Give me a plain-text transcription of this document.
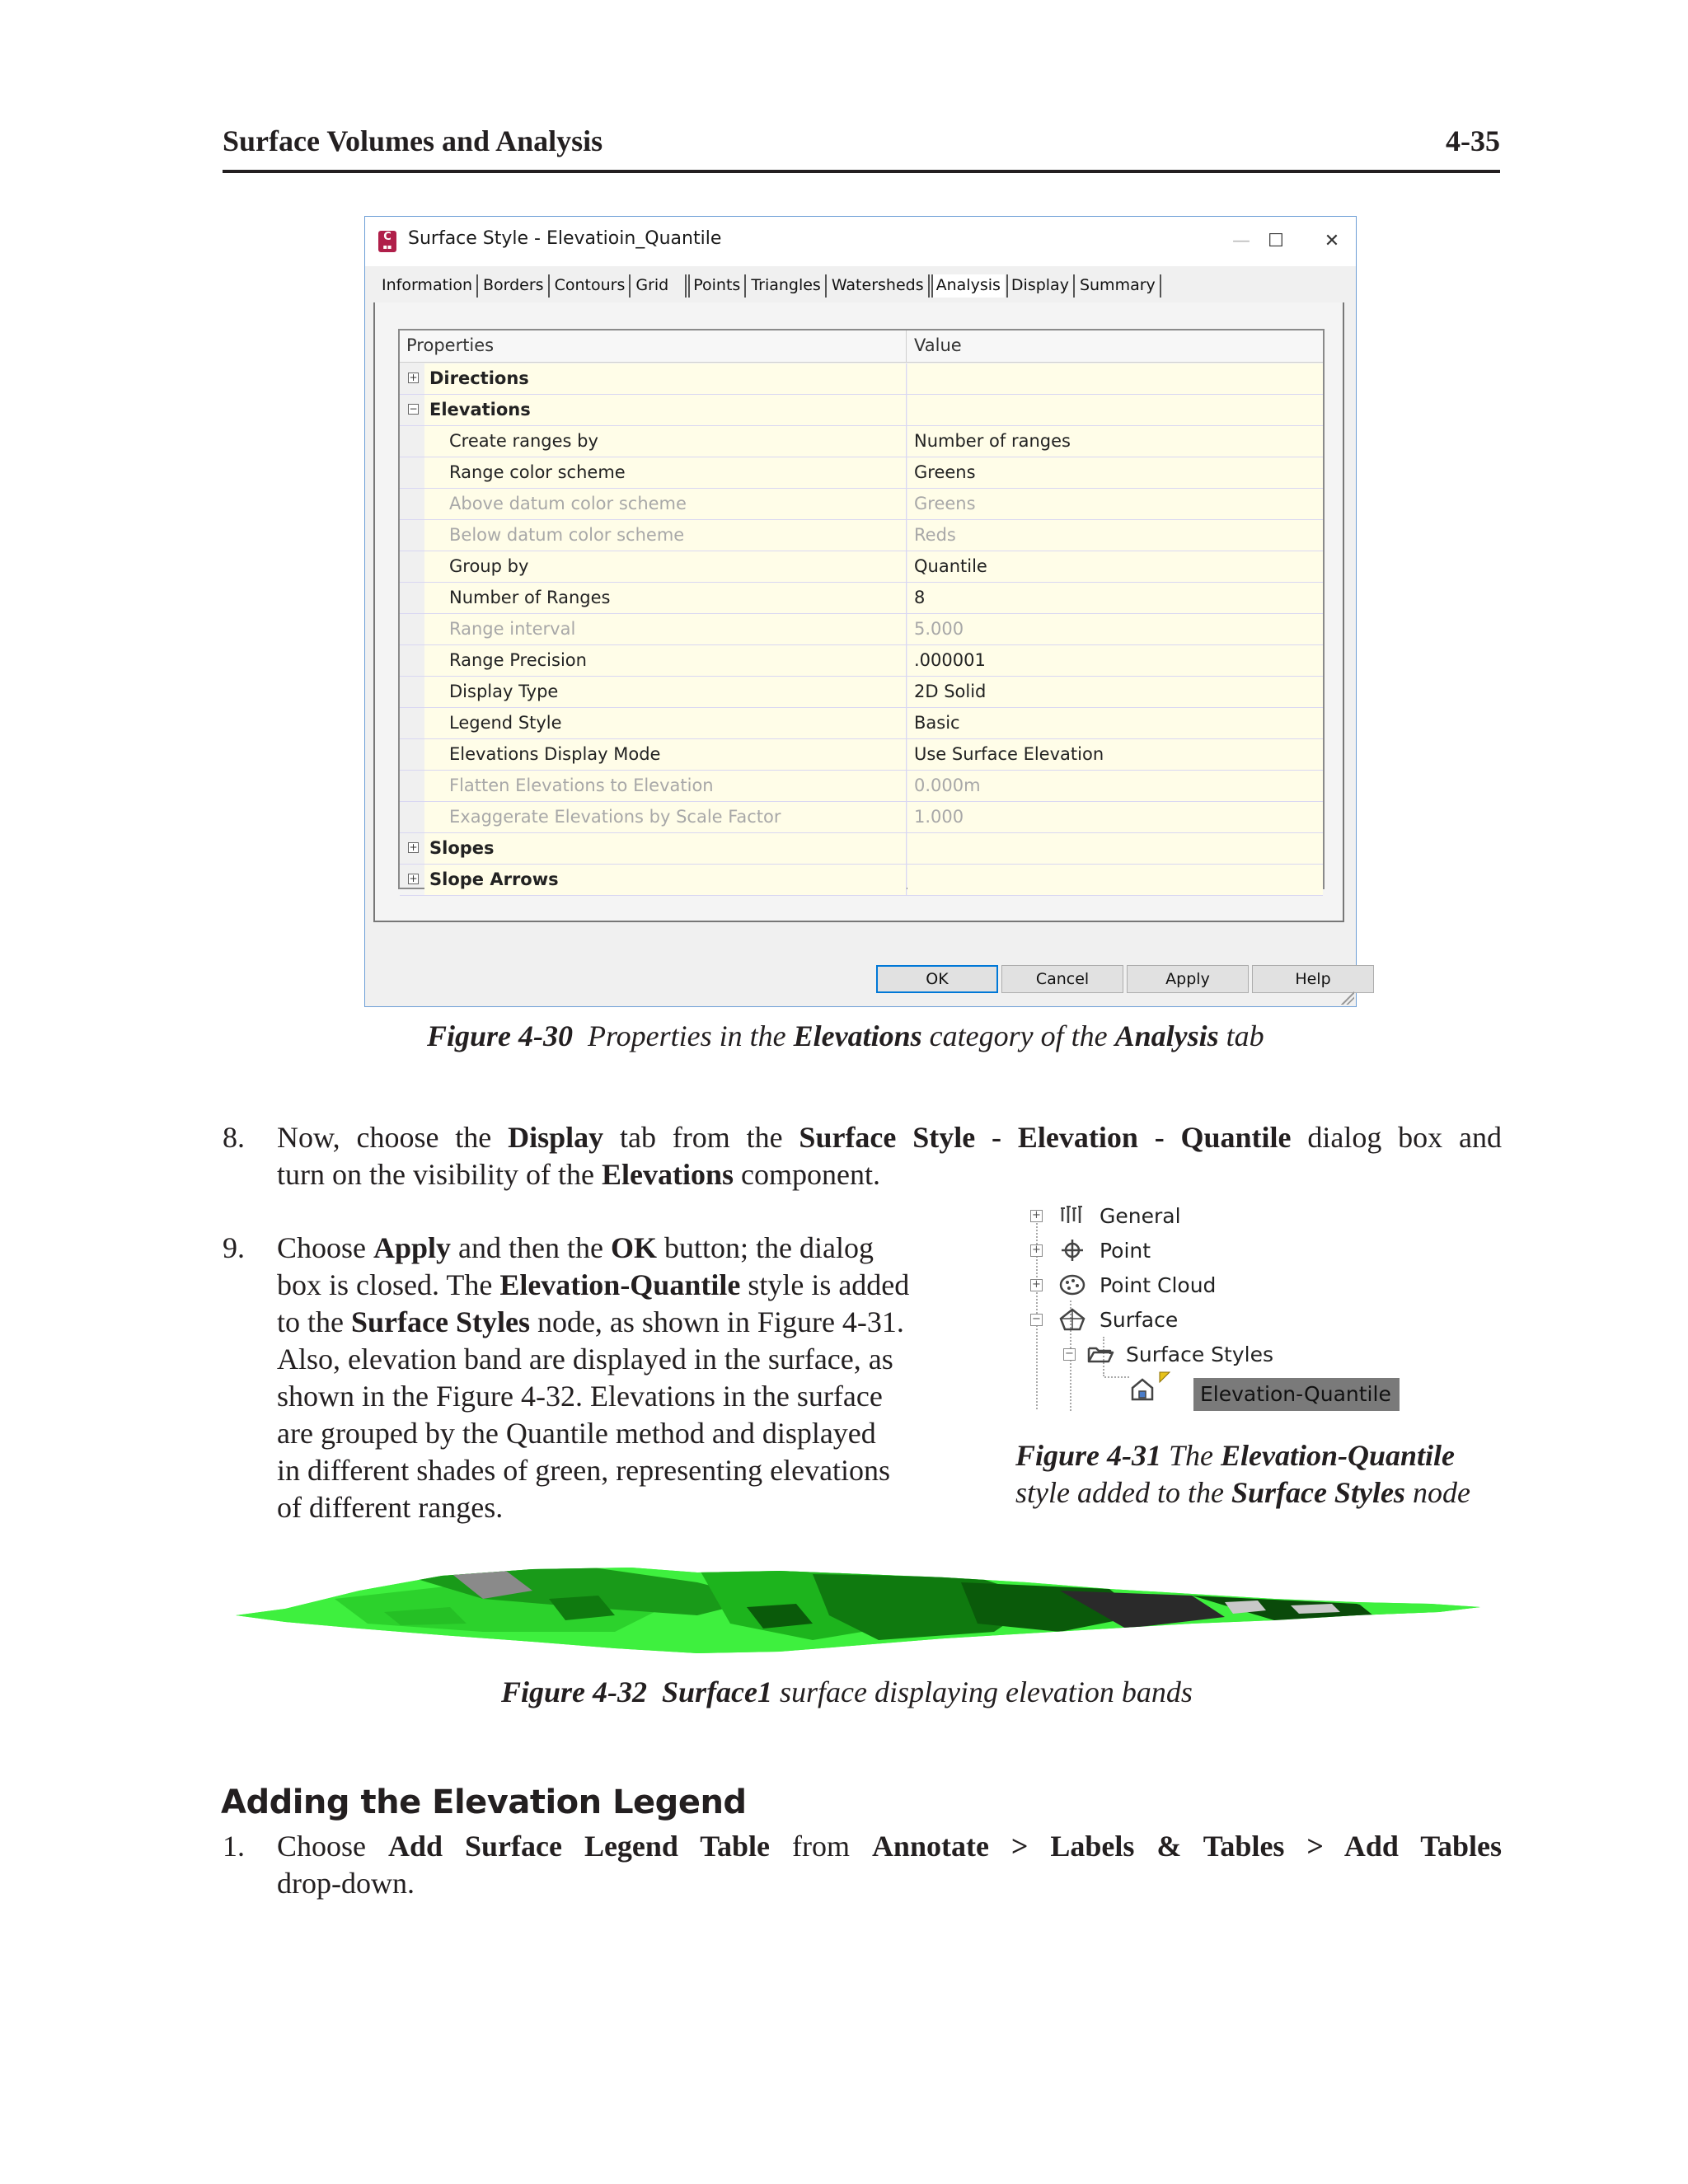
Surface Volumes and Analysis	4-35
C
▪▪ Surface Style - Elevatioin_Quantile	— ☐	✕
Information Borders Contours Grid Points Triangles Watersheds Analysis Display Summary
Properties	Value
+ Directions
− Elevations
Create ranges by	Number of ranges
Range color scheme	Greens
Above datum color scheme	Greens
Below datum color scheme	Reds
Group by	Quantile
Number of Ranges	8
Range interval	5.000
Range Precision	.000001
Display Type	2D Solid
Legend Style	Basic
Elevations Display Mode	Use Surface Elevation
Flatten Elevations to Elevation	0.000m
Exaggerate Elevations by Scale Factor	1.000
+ Slopes
+ Slope Arrows
OK	Cancel	Apply	Help
Figure 4-30 Properties in the Elevations category of the Analysis tab
8. Now, choose the Display tab from the Surface Style - Elevation - Quantile dialog box and
turn on the visibility of the Elevations component.
9. Choose Apply and then the OK button; the dialog
box is closed. The Elevation-Quantile style is added
to the Surface Styles node, as shown in Figure 4-31.
Also, elevation band are displayed in the surface, as
shown in the Figure 4-32. Elevations in the surface
are grouped by the Quantile method and displayed
in different shades of green, representing elevations
of different ranges.
+	General
+	Point
+	Point Cloud
−	Surface
−	Surface Styles
Elevation-Quantile
Figure 4-31 The Elevation-Quantile
style added to the Surface Styles node
Figure 4-32 Surface1 surface displaying elevation bands
Adding the Elevation Legend
1. Choose Add Surface Legend Table from Annotate > Labels & Tables > Add Tables
drop-down.
